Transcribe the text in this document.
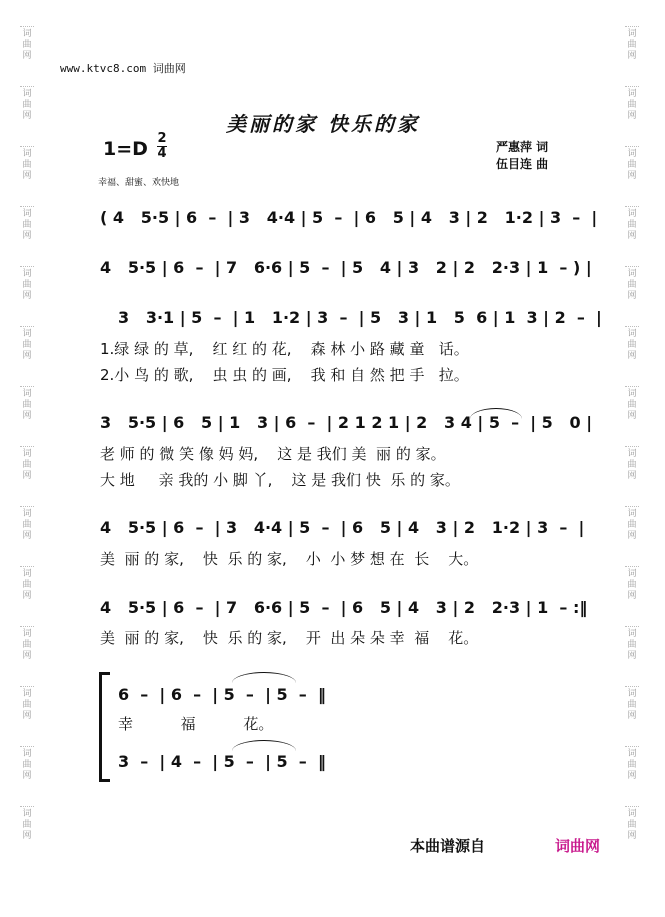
词
曲
网
词
曲
网
词
曲
网
词
曲
网
词
曲
网
词
曲
网
词
曲
网
词
曲
网
词
曲
网
词
曲
网
词
曲
网
词
曲
网
词
曲
网
词
曲
网
词
曲
网
词
曲
网
词
曲
网
词
曲
网
词
曲
网
词
曲
网
词
曲
网
词
曲
网
词
曲
网
词
曲
网
词
曲
网
词
曲
网
词
曲
网
词
曲
网
www.ktvc8.com 词曲网
美丽的家 快乐的家
1=D 2
4	严惠萍 词
伍目连 曲
幸福、甜蜜、欢快地
( 4   5·5 | 6  –  | 3   4·4 | 5  –  | 6   5 | 4   3 | 2   1·2 | 3  –  |
4   5·5 | 6  –  | 7   6·6 | 5  –  | 5   4 | 3   2 | 2   2·3 | 1  – ) |
3   3·1 | 5  –  | 1   1·2 | 3  –  | 5   3 | 1   5  6 | 1  3 | 2  –  |
1.绿 绿 的 草,    红 红 的 花,    森 林 小 路 藏 童   话。
2.小 鸟 的 歌,    虫 虫 的 画,    我 和 自 然 把 手   拉。
3   5·5 | 6   5 | 1   3 | 6  –  | 2 1 2 1 | 2   3 4 | 5  –  | 5   0 |
老 师 的 微 笑 像 妈 妈,    这 是 我们 美  丽 的 家。
大 地     亲 我的 小 脚 丫,    这 是 我们 快  乐 的 家。
4   5·5 | 6  –  | 3   4·4 | 5  –  | 6   5 | 4   3 | 2   1·2 | 3  –  |
美  丽 的 家,    快  乐 的 家,    小  小 梦 想 在  长    大。
4   5·5 | 6  –  | 7   6·6 | 5  –  | 6   5 | 4   3 | 2   2·3 | 1  – :‖
美  丽 的 家,    快  乐 的 家,    开  出 朵 朵 幸  福    花。
6  –  | 6  –  | 5  –  | 5  –  ‖
幸          福          花。
3  –  | 4  –  | 5  –  | 5  –  ‖
本曲谱源自	词曲网
